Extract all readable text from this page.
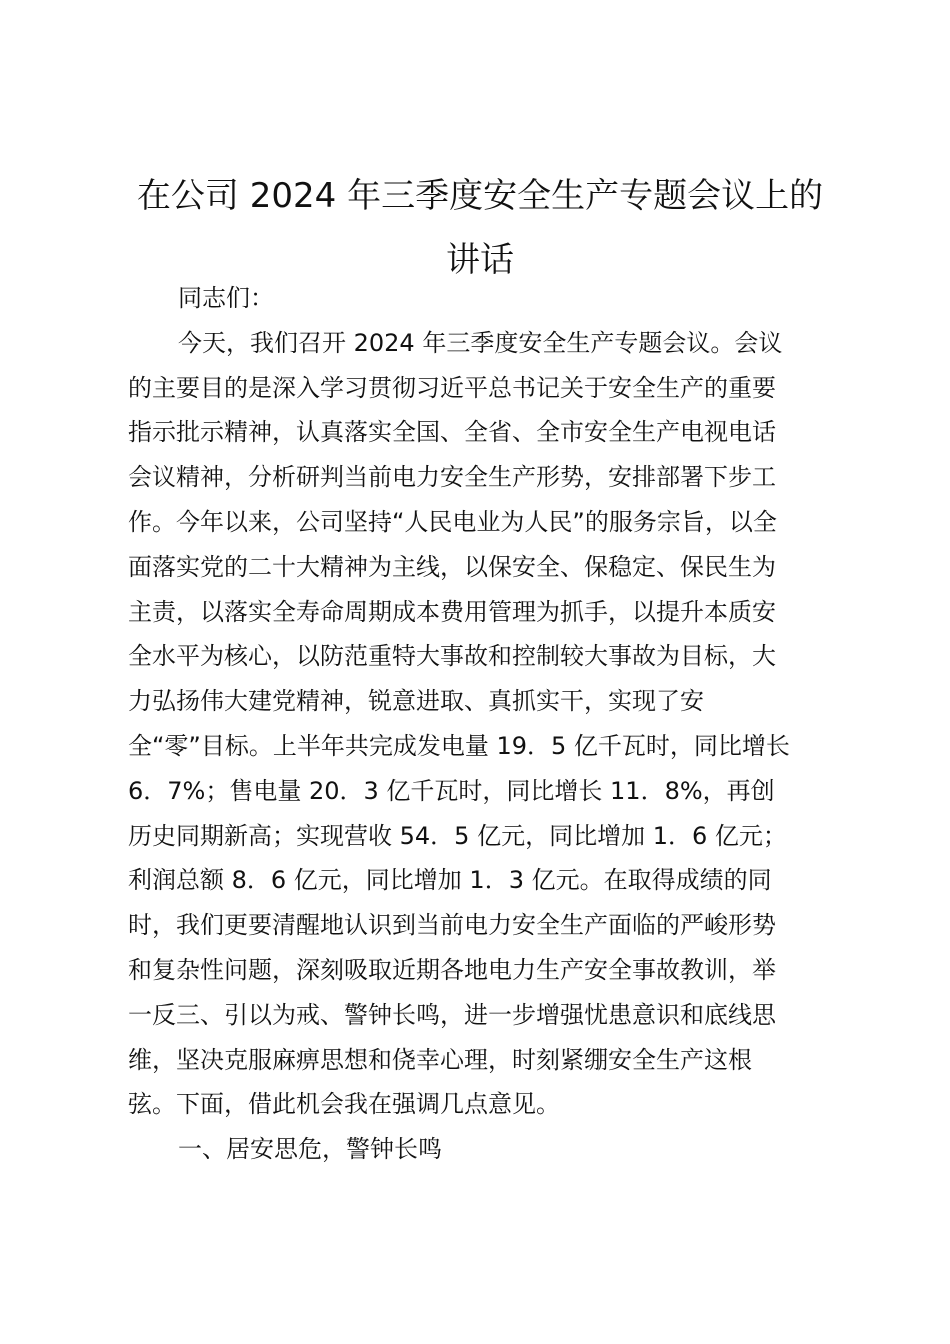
在公司 2024 年三季度安全生产专题会议上的
讲话
同志们：
今天，我们召开 2024 年三季度安全生产专题会议。会议
的主要目的是深入学习贯彻习近平总书记关于安全生产的重要
指示批示精神，认真落实全国、全省、全市安全生产电视电话
会议精神，分析研判当前电力安全生产形势，安排部署下步工
作。今年以来，公司坚持“人民电业为人民”的服务宗旨，以全
面落实党的二十大精神为主线，以保安全、保稳定、保民生为
主责，以落实全寿命周期成本费用管理为抓手，以提升本质安
全水平为核心，以防范重特大事故和控制较大事故为目标，大
力弘扬伟大建党精神，锐意进取、真抓实干，实现了安
全“零”目标。上半年共完成发电量 19．5 亿千瓦时，同比增长
6．7%；售电量 20．3 亿千瓦时，同比增长 11．8%，再创
历史同期新高；实现营收 54．5 亿元，同比增加 1．6 亿元；
利润总额 8．6 亿元，同比增加 1．3 亿元。在取得成绩的同
时，我们更要清醒地认识到当前电力安全生产面临的严峻形势
和复杂性问题，深刻吸取近期各地电力生产安全事故教训，举
一反三、引以为戒、警钟长鸣，进一步增强忧患意识和底线思
维，坚决克服麻痹思想和侥幸心理，时刻紧绷安全生产这根
弦。下面，借此机会我在强调几点意见。
一、居安思危，警钟长鸣
